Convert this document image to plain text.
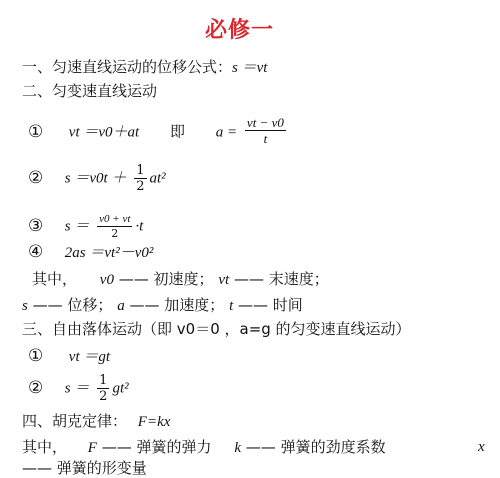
必修一
一、匀速直线运动的位移公式：s ＝vt
二、匀变速直线运动
① vt ＝v0＋at 即 $a = \frac{vt - v0}{t}$
② $s =v0t + \frac{1}{2} at^2$
③ $s = \frac{v0 + vt}{2} \cdot t$
④ 2as ＝vt²－v0²
其中， v0 —— 初速度； vt —— 末速度；
s —— 位移； a —— 加速度； t —— 时间
三、自由落体运动（即 v0＝0 ，a=g 的匀变速直线运动）
① vt ＝gt
② $s = \frac{1}{2} gt^2$
四、胡克定律： F=kx
其中， F —— 弹簧的弹力 k —— 弹簧的劲度系数	x
—— 弹簧的形变量
